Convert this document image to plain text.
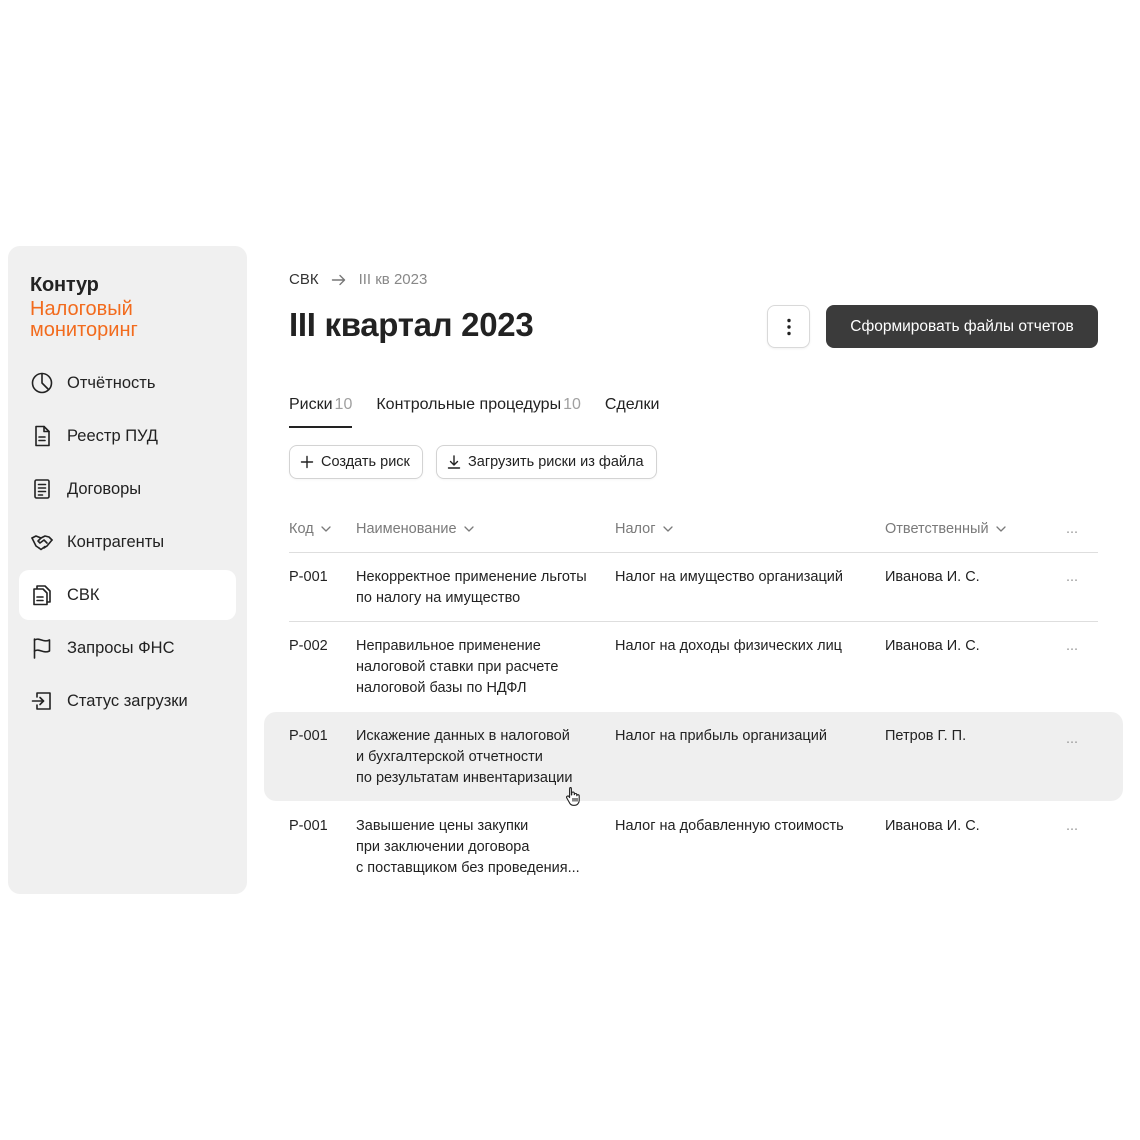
Контур
Налоговый мониторинг
Отчётность
Реестр ПУД
Договоры
Контрагенты
СВК
Запросы ФНС
Статус загрузки
СВК	III кв 2023
III квартал 2023	Сформировать файлы отчетов
Риски 10 Контрольные процедуры 10 Сделки
Создать риск	Загрузить риски из файла
Код	Наименование	Налог	Ответственный	...
Р-001 Некорректное применение льготы
по налогу на имущество
Налог на имущество организаций	Иванова И. С.	...
Р-002 Неправильное применение
налоговой ставки при расчете
налоговой базы по НДФЛ
Налог на доходы физических лиц	Иванова И. С.	...
Р-001 Искажение данных в налоговой
и бухгалтерской отчетности
по результатам инвентаризации
Налог на прибыль организаций	Петров Г. П.	...
Р-001 Завышение цены закупки
при заключении договора
с поставщиком без проведения...
Налог на добавленную стоимость	Иванова И. С.	...
